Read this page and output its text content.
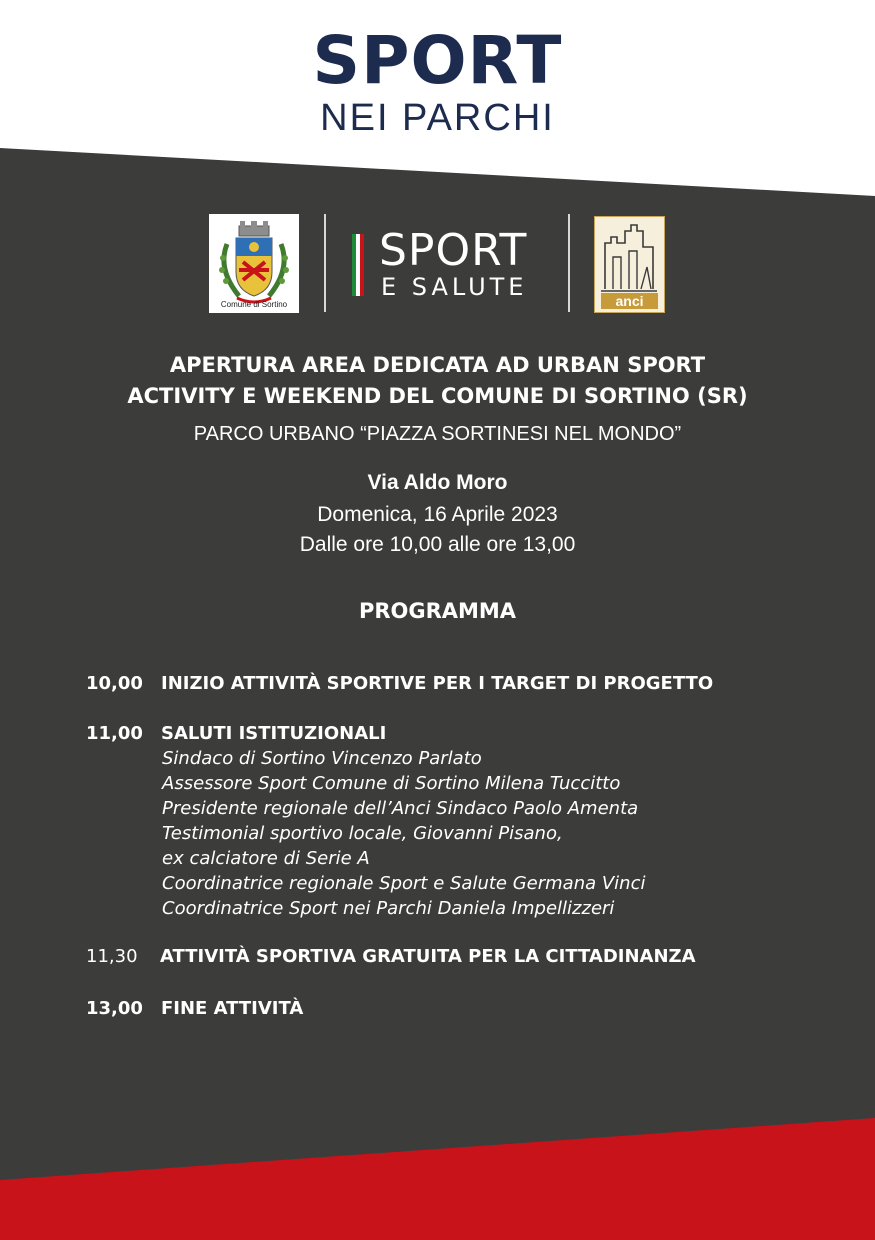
SPORT
NEI PARCHI
Comune di Sortino
SPORT
E SALUTE	anci
APERTURA AREA DEDICATA AD URBAN SPORT
ACTIVITY E WEEKEND DEL COMUNE DI SORTINO (SR)
PARCO URBANO “PIAZZA SORTINESI NEL MONDO”
Via Aldo Moro
Domenica, 16 Aprile 2023
Dalle ore 10,00 alle ore 13,00
PROGRAMMA
10,00 INIZIO ATTIVITÀ SPORTIVE PER I TARGET DI PROGETTO
11,00 SALUTI ISTITUZIONALI
Sindaco di Sortino Vincenzo Parlato
Assessore Sport Comune di Sortino Milena Tuccitto
Presidente regionale dell’Anci Sindaco Paolo Amenta
Testimonial sportivo locale, Giovanni Pisano,
ex calciatore di Serie A
Coordinatrice regionale Sport e Salute Germana Vinci
Coordinatrice Sport nei Parchi Daniela Impellizzeri
11,30 ATTIVITÀ SPORTIVA GRATUITA PER LA CITTADINANZA
13,00 FINE ATTIVITÀ
